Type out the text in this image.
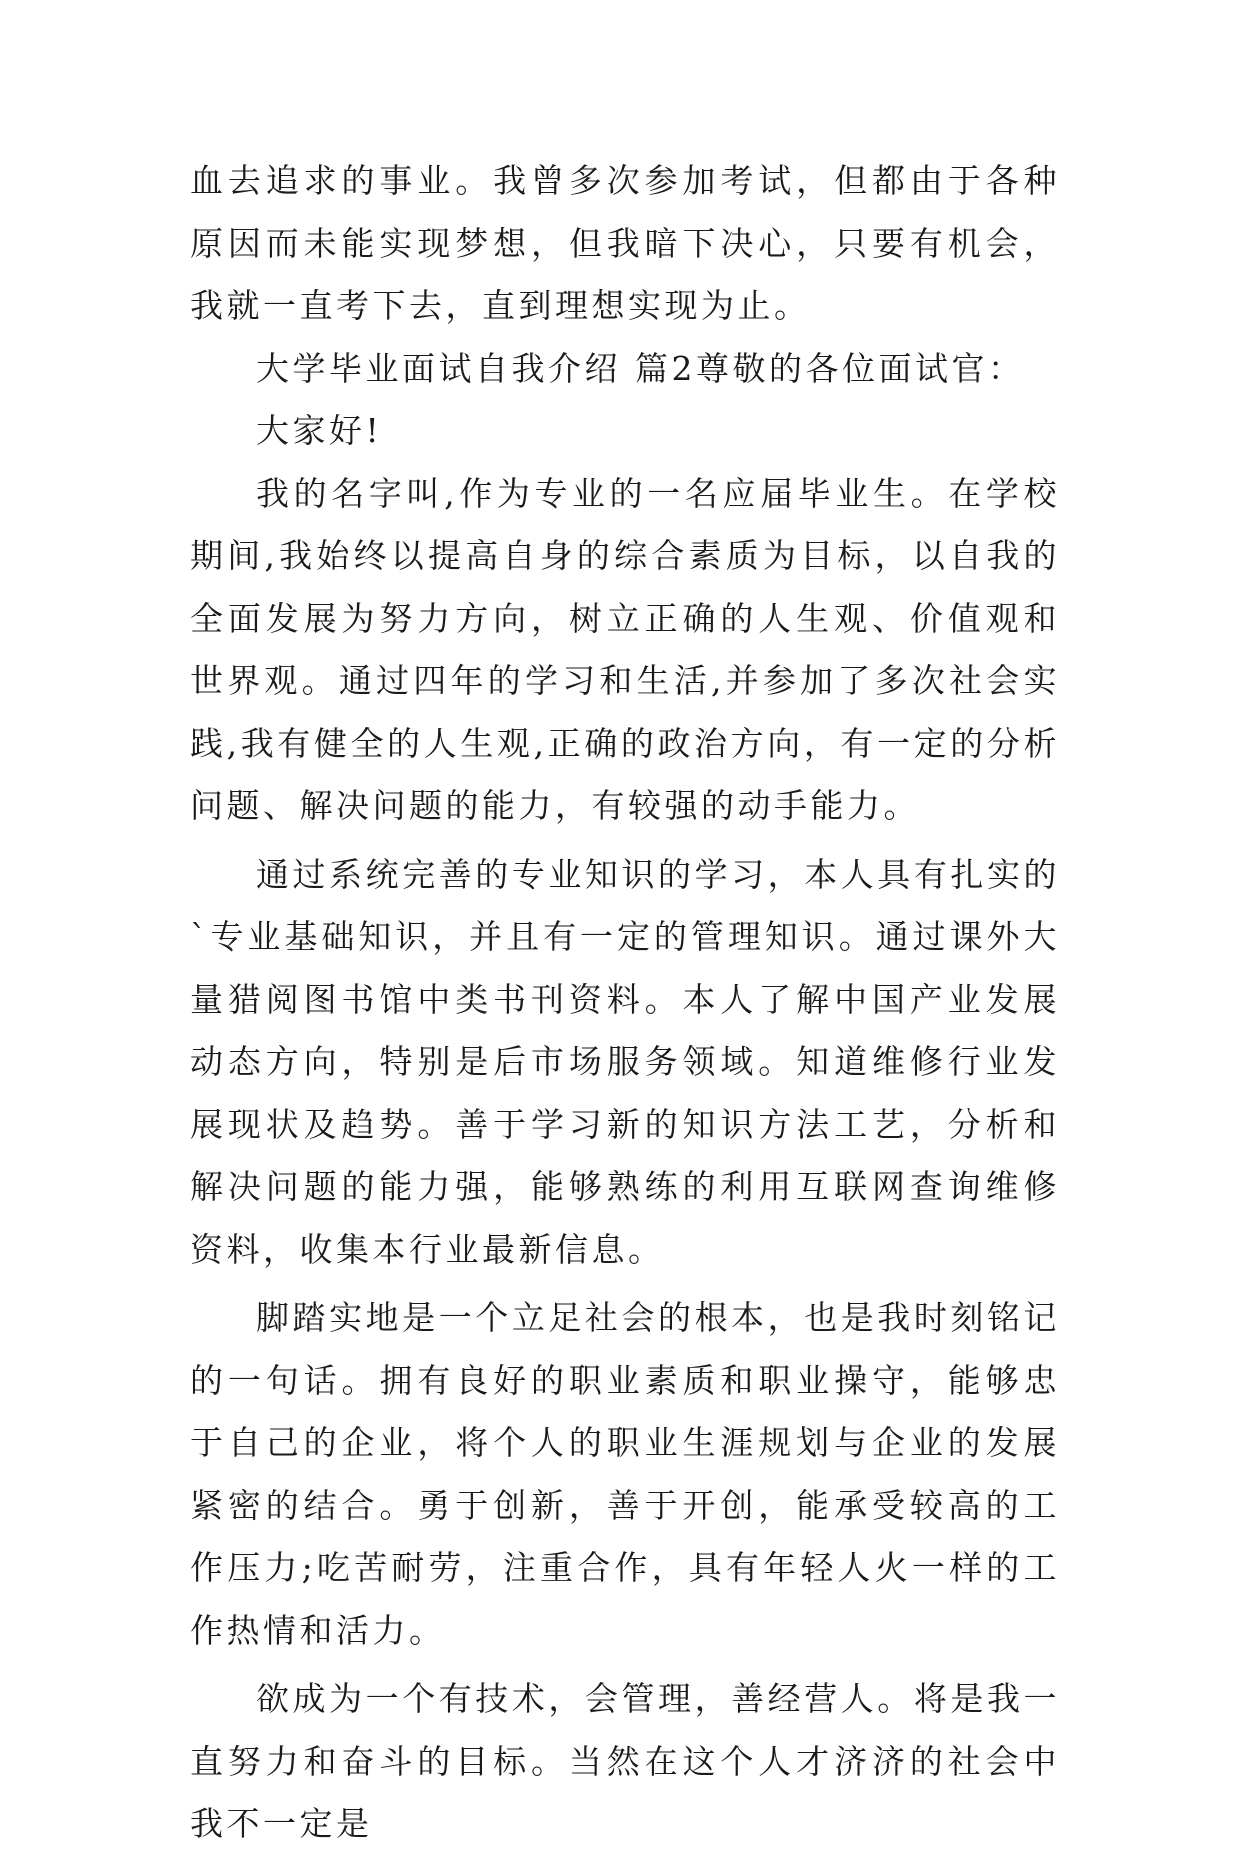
血去追求的事业。我曾多次参加考试，但都由于各种原因而未能实现梦想，但我暗下决心，只要有机会，我就一直考下去，直到理想实现为止。

大学毕业面试自我介绍 篇2尊敬的各位面试官：

大家好!

我的名字叫,作为专业的一名应届毕业生。在学校期间,我始终以提高自身的综合素质为目标，以自我的全面发展为努力方向，树立正确的人生观、价值观和世界观。通过四年的学习和生活,并参加了多次社会实践,我有健全的人生观,正确的政治方向，有一定的分析问题、解决问题的能力，有较强的动手能力。

通过系统完善的专业知识的学习，本人具有扎实的`专业基础知识，并且有一定的管理知识。通过课外大量猎阅图书馆中类书刊资料。本人了解中国产业发展动态方向，特别是后市场服务领域。知道维修行业发展现状及趋势。善于学习新的知识方法工艺，分析和解决问题的能力强，能够熟练的利用互联网查询维修资料，收集本行业最新信息。

脚踏实地是一个立足社会的根本，也是我时刻铭记的一句话。拥有良好的职业素质和职业操守，能够忠于自己的企业，将个人的职业生涯规划与企业的发展紧密的结合。勇于创新，善于开创，能承受较高的工作压力;吃苦耐劳，注重合作，具有年轻人火一样的工作热情和活力。

欲成为一个有技术，会管理，善经营人。将是我一直努力和奋斗的目标。当然在这个人才济济的社会中我不一定是
